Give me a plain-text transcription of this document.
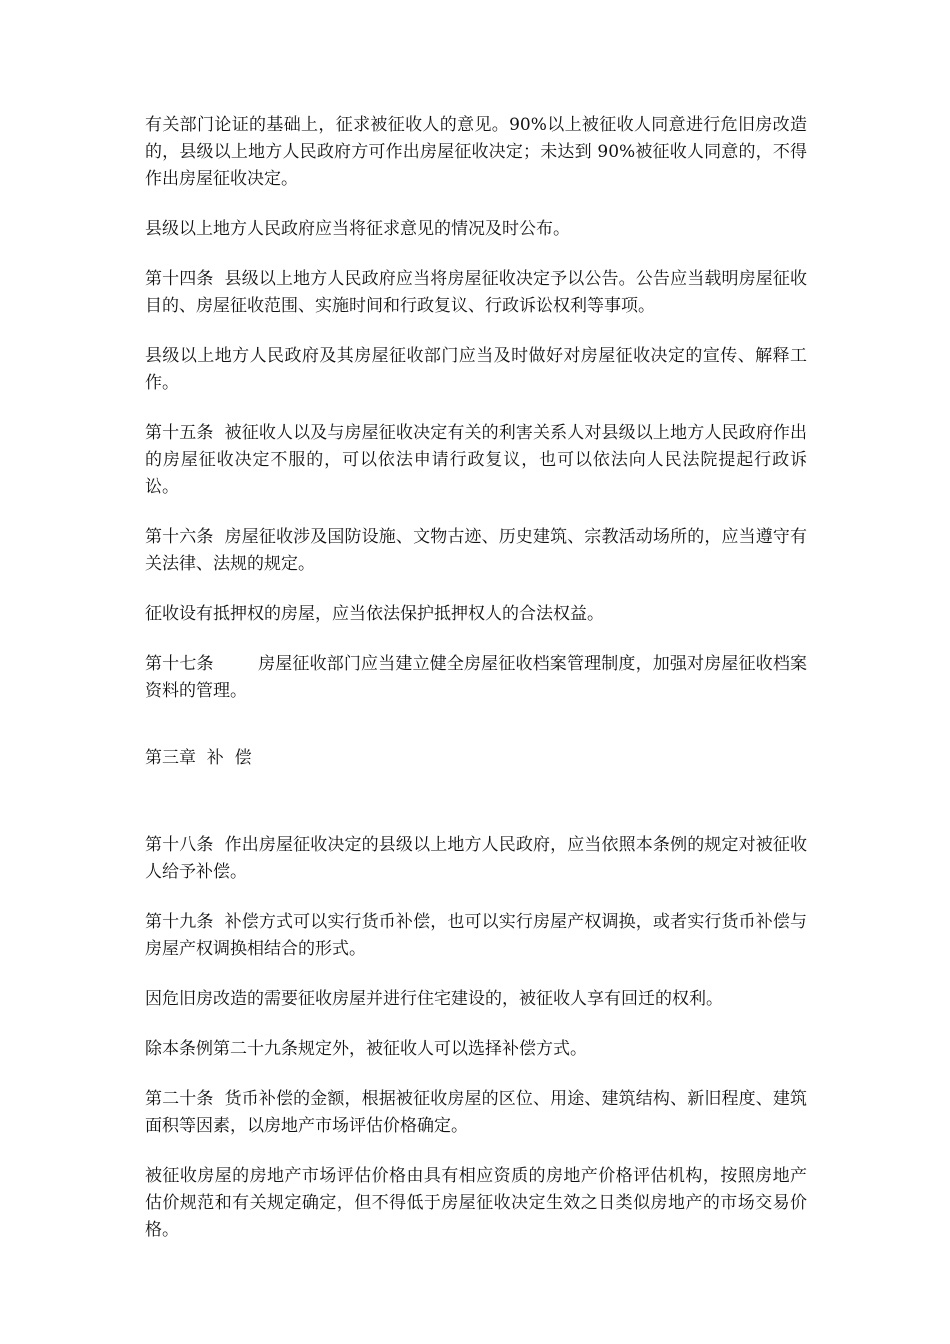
有关部门论证的基础上，征求被征收人的意见。90%以上被征收人同意进行危旧房改造的，县级以上地方人民政府方可作出房屋征收决定；未达到 90%被征收人同意的，不得作出房屋征收决定。

县级以上地方人民政府应当将征求意见的情况及时公布。

第十四条  县级以上地方人民政府应当将房屋征收决定予以公告。公告应当载明房屋征收目的、房屋征收范围、实施时间和行政复议、行政诉讼权利等事项。

县级以上地方人民政府及其房屋征收部门应当及时做好对房屋征收决定的宣传、解释工作。

第十五条  被征收人以及与房屋征收决定有关的利害关系人对县级以上地方人民政府作出的房屋征收决定不服的，可以依法申请行政复议，也可以依法向人民法院提起行政诉讼。

第十六条  房屋征收涉及国防设施、文物古迹、历史建筑、宗教活动场所的，应当遵守有关法律、法规的规定。

征收设有抵押权的房屋，应当依法保护抵押权人的合法权益。

第十七条        房屋征收部门应当建立健全房屋征收档案管理制度，加强对房屋征收档案资料的管理。

第三章  补  偿

第十八条  作出房屋征收决定的县级以上地方人民政府，应当依照本条例的规定对被征收人给予补偿。

第十九条  补偿方式可以实行货币补偿，也可以实行房屋产权调换，或者实行货币补偿与房屋产权调换相结合的形式。

因危旧房改造的需要征收房屋并进行住宅建设的，被征收人享有回迁的权利。

除本条例第二十九条规定外，被征收人可以选择补偿方式。

第二十条  货币补偿的金额，根据被征收房屋的区位、用途、建筑结构、新旧程度、建筑面积等因素，以房地产市场评估价格确定。

被征收房屋的房地产市场评估价格由具有相应资质的房地产价格评估机构，按照房地产估价规范和有关规定确定，但不得低于房屋征收决定生效之日类似房地产的市场交易价格。
